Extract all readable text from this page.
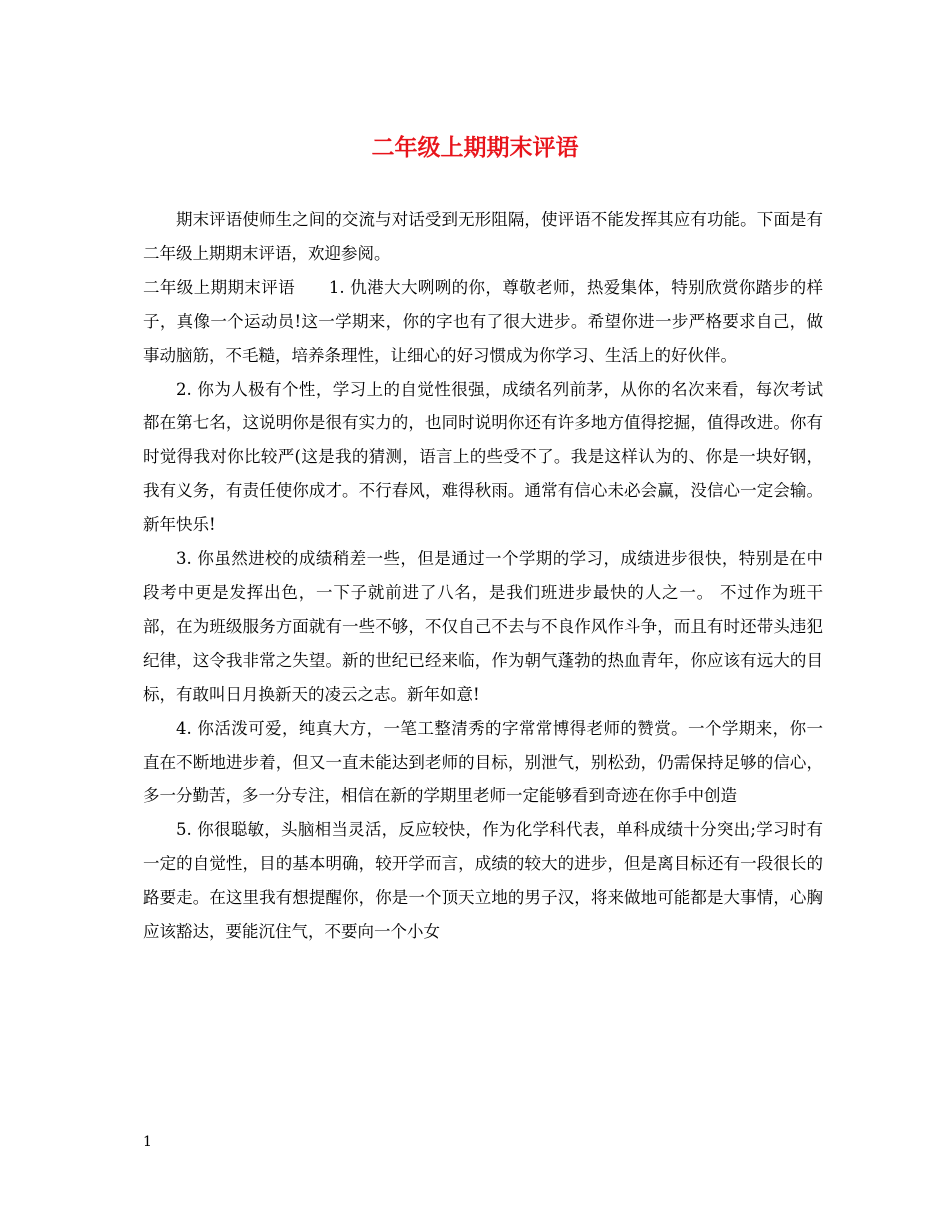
二年级上期期末评语

期末评语使师生之间的交流与对话受到无形阻隔，使评语不能发挥其应有功能。下面是有二年级上期期末评语，欢迎参阅。

二年级上期期末评语　　1. 仇港大大咧咧的你，尊敬老师，热爱集体，特别欣赏你踏步的样子，真像一个运动员!这一学期来，你的字也有了很大进步。希望你进一步严格要求自己，做事动脑筋，不毛糙，培养条理性，让细心的好习惯成为你学习、生活上的好伙伴。

2. 你为人极有个性，学习上的自觉性很强，成绩名列前茅，从你的名次来看，每次考试都在第七名，这说明你是很有实力的，也同时说明你还有许多地方值得挖掘，值得改进。你有时觉得我对你比较严(这是我的猜测，语言上的些受不了。我是这样认为的、你是一块好钢，我有义务，有责任使你成才。不行春风，难得秋雨。通常有信心未必会赢，没信心一定会输。新年快乐!

3. 你虽然进校的成绩稍差一些，但是通过一个学期的学习，成绩进步很快，特别是在中段考中更是发挥出色，一下子就前进了八名，是我们班进步最快的人之一。 不过作为班干部，在为班级服务方面就有一些不够，不仅自己不去与不良作风作斗争，而且有时还带头违犯纪律，这令我非常之失望。新的世纪已经来临，作为朝气蓬勃的热血青年，你应该有远大的目标，有敢叫日月换新天的凌云之志。新年如意!

4. 你活泼可爱，纯真大方，一笔工整清秀的字常常博得老师的赞赏。一个学期来，你一直在不断地进步着，但又一直未能达到老师的目标，别泄气，别松劲，仍需保持足够的信心，多一分勤苦，多一分专注，相信在新的学期里老师一定能够看到奇迹在你手中创造

5. 你很聪敏，头脑相当灵活，反应较快，作为化学科代表，单科成绩十分突出;学习时有一定的自觉性，目的基本明确，较开学而言，成绩的较大的进步，但是离目标还有一段很长的路要走。在这里我有想提醒你，你是一个顶天立地的男子汉，将来做地可能都是大事情，心胸应该豁达，要能沉住气，不要向一个小女

1
